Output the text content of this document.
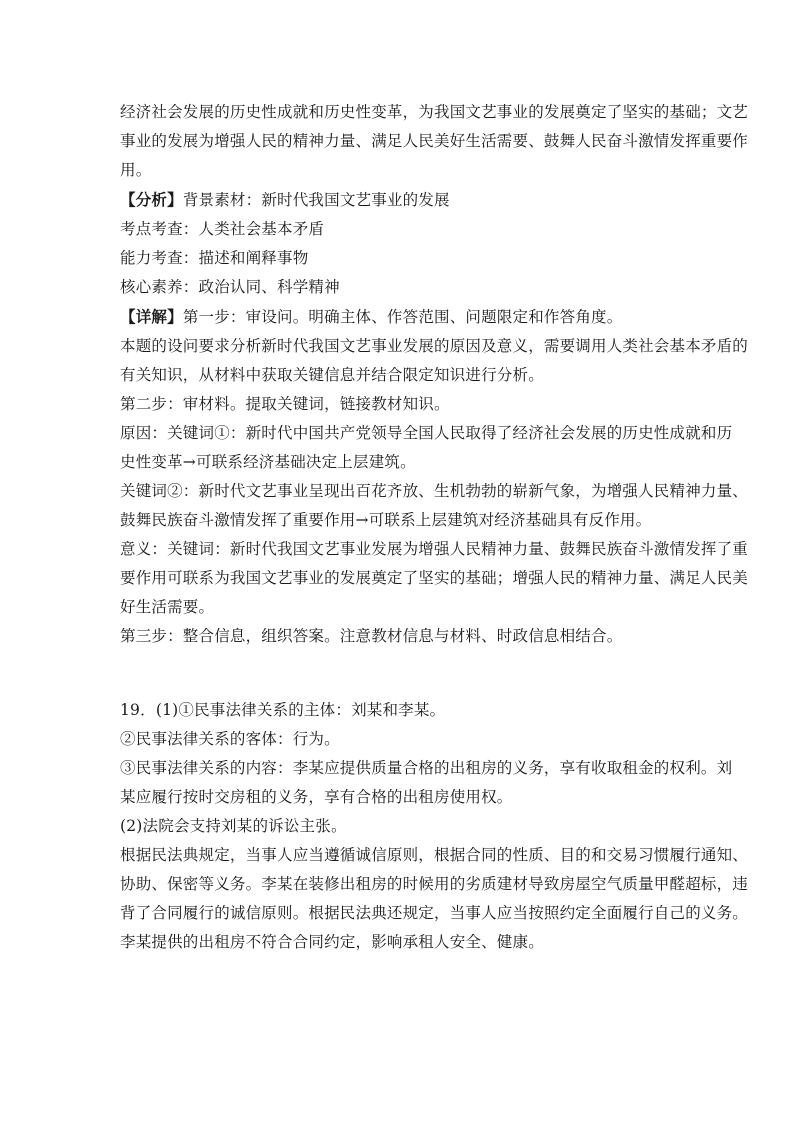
经济社会发展的历史性成就和历史性变革，为我国文艺事业的发展奠定了坚实的基础；文艺

事业的发展为增强人民的精神力量、满足人民美好生活需要、鼓舞人民奋斗激情发挥重要作

用。

【分析】背景素材：新时代我国文艺事业的发展

考点考查：人类社会基本矛盾

能力考查：描述和阐释事物

核心素养：政治认同、科学精神

【详解】第一步：审设问。明确主体、作答范围、问题限定和作答角度。

本题的设问要求分析新时代我国文艺事业发展的原因及意义，需要调用人类社会基本矛盾的

有关知识，从材料中获取关键信息并结合限定知识进行分析。

第二步：审材料。提取关键词，链接教材知识。

原因：关键词①：新时代中国共产党领导全国人民取得了经济社会发展的历史性成就和历

史性变革→可联系经济基础决定上层建筑。

关键词②：新时代文艺事业呈现出百花齐放、生机勃勃的崭新气象，为增强人民精神力量、

鼓舞民族奋斗激情发挥了重要作用→可联系上层建筑对经济基础具有反作用。

意义：关键词：新时代我国文艺事业发展为增强人民精神力量、鼓舞民族奋斗激情发挥了重

要作用可联系为我国文艺事业的发展奠定了坚实的基础；增强人民的精神力量、满足人民美

好生活需要。

第三步：整合信息，组织答案。注意教材信息与材料、时政信息相结合。

19．(1)①民事法律关系的主体：刘某和李某。

②民事法律关系的客体：行为。

③民事法律关系的内容：李某应提供质量合格的出租房的义务，享有收取租金的权利。刘

某应履行按时交房租的义务，享有合格的出租房使用权。

(2)法院会支持刘某的诉讼主张。

根据民法典规定，当事人应当遵循诚信原则，根据合同的性质、目的和交易习惯履行通知、

协助、保密等义务。李某在装修出租房的时候用的劣质建材导致房屋空气质量甲醛超标，违

背了合同履行的诚信原则。根据民法典还规定，当事人应当按照约定全面履行自己的义务。

李某提供的出租房不符合合同约定，影响承租人安全、健康。
